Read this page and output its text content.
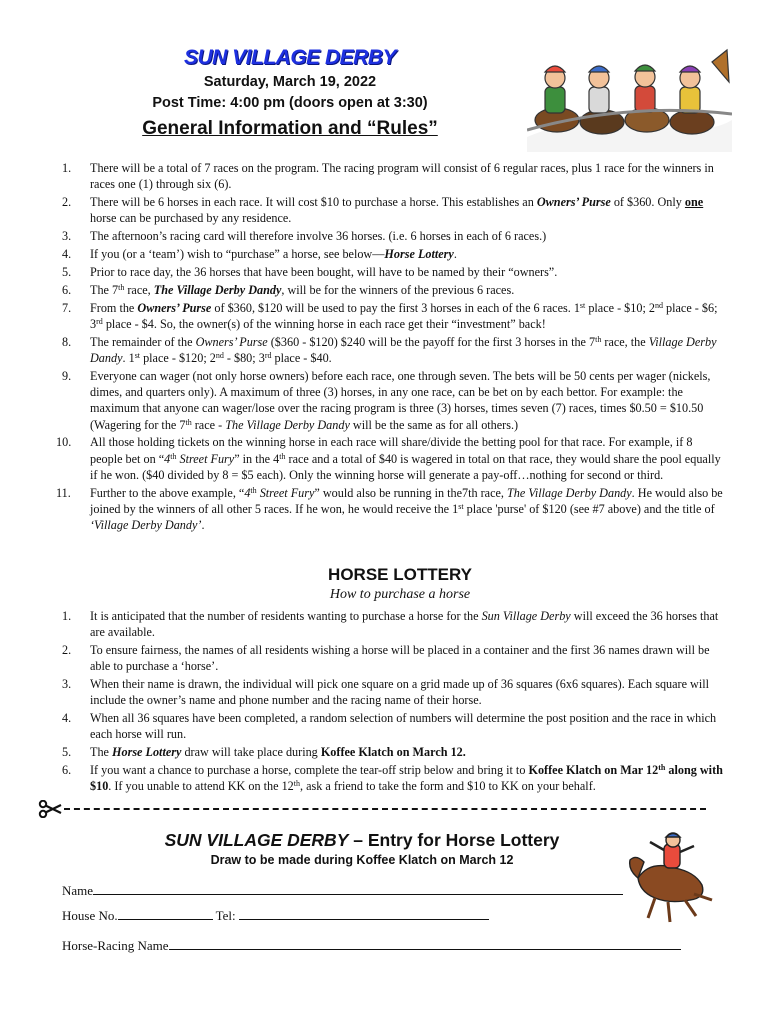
SUN VILLAGE DERBY
Saturday, March 19, 2022
Post Time: 4:00 pm (doors open at 3:30)
General Information and “Rules”
1. There will be a total of 7 races on the program. The racing program will consist of 6 regular races, plus 1 race for the winners in races one (1) through six (6).
2. There will be 6 horses in each race. It will cost $10 to purchase a horse. This establishes an Owners’ Purse of $360. Only one horse can be purchased by any residence.
3. The afternoon’s racing card will therefore involve 36 horses. (i.e. 6 horses in each of 6 races.)
4. If you (or a ‘team’) wish to “purchase” a horse, see below—Horse Lottery.
5. Prior to race day, the 36 horses that have been bought, will have to be named by their “owners”.
6. The 7th race, The Village Derby Dandy, will be for the winners of the previous 6 races.
7. From the Owners’ Purse of $360, $120 will be used to pay the first 3 horses in each of the 6 races. 1st place - $10; 2nd place - $6; 3rd place - $4. So, the owner(s) of the winning horse in each race get their “investment” back!
8. The remainder of the Owners’ Purse ($360 - $120) $240 will be the payoff for the first 3 horses in the 7th race, the Village Derby Dandy. 1st place - $120; 2nd - $80; 3rd place - $40.
9. Everyone can wager (not only horse owners) before each race, one through seven. The bets will be 50 cents per wager (nickels, dimes, and quarters only). A maximum of three (3) horses, in any one race, can be bet on by each bettor. For example: the maximum that anyone can wager/lose over the racing program is three (3) horses, times seven (7) races, times $0.50 = $10.50 (Wagering for the 7th race - The Village Derby Dandy will be the same as for all others.)
10. All those holding tickets on the winning horse in each race will share/divide the betting pool for that race. For example, if 8 people bet on “4th Street Fury” in the 4th race and a total of $40 is wagered in total on that race, they would share the pool equally if he won. ($40 divided by 8 = $5 each). Only the winning horse will generate a pay-off…nothing for second or third.
11. Further to the above example, “4th Street Fury” would also be running in the7th race, The Village Derby Dandy. He would also be joined by the winners of all other 5 races. If he won, he would receive the 1st place 'purse' of $120 (see #7 above) and the title of ‘Village Derby Dandy’.
HORSE LOTTERY
How to purchase a horse
1. It is anticipated that the number of residents wanting to purchase a horse for the Sun Village Derby will exceed the 36 horses that are available.
2. To ensure fairness, the names of all residents wishing a horse will be placed in a container and the first 36 names drawn will be able to purchase a ‘horse’.
3. When their name is drawn, the individual will pick one square on a grid made up of 36 squares (6x6 squares). Each square will include the owner’s name and phone number and the racing name of their horse.
4. When all 36 squares have been completed, a random selection of numbers will determine the post position and the race in which each horse will run.
5. The Horse Lottery draw will take place during Koffee Klatch on March 12.
6. If you want a chance to purchase a horse, complete the tear-off strip below and bring it to Koffee Klatch on Mar 12th along with $10. If you unable to attend KK on the 12th, ask a friend to take the form and $10 to KK on your behalf.
SUN VILLAGE DERBY – Entry for Horse Lottery
Draw to be made during Koffee Klatch on March 12
Name
House No.	Tel:
Horse-Racing Name
